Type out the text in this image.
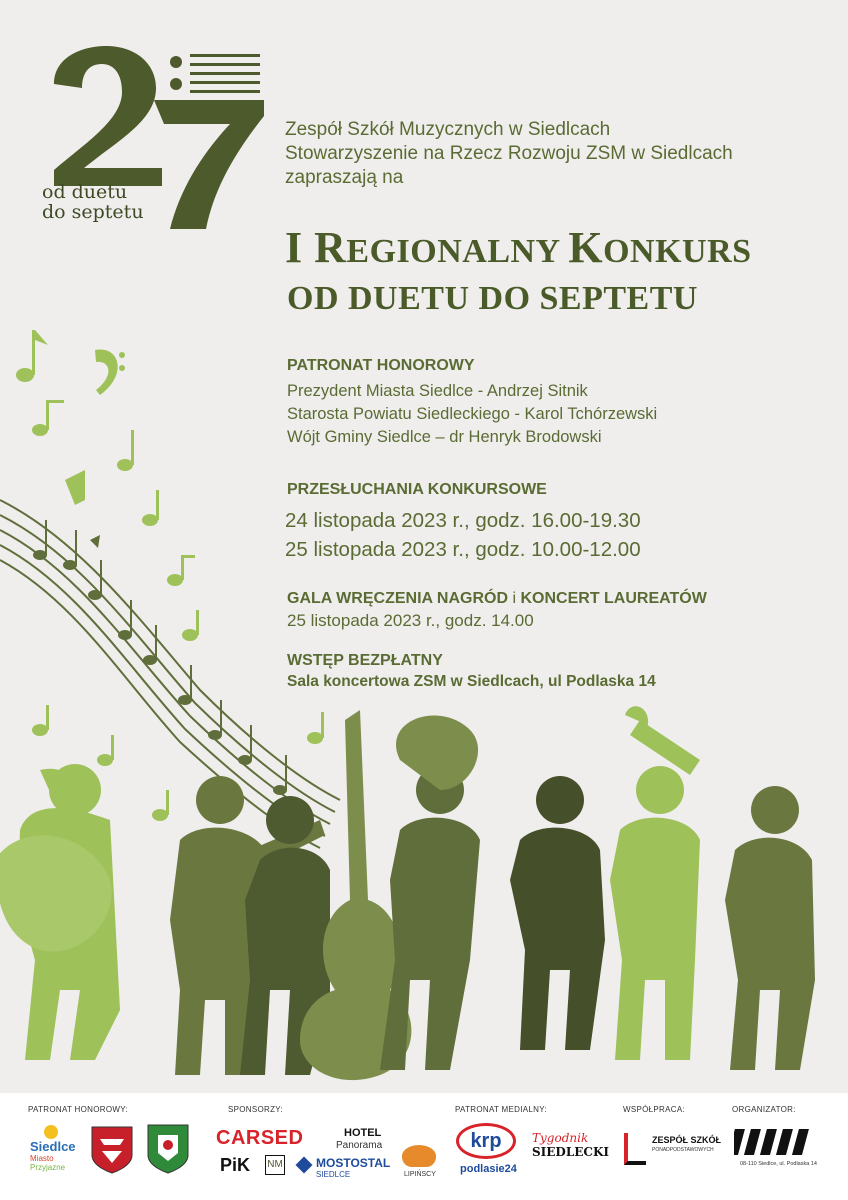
od duetu
do septetu
Zespół Szkół Muzycznych w Siedlcach
Stowarzyszenie na Rzecz Rozwoju ZSM w Siedlcach
zapraszają na
I REGIONALNY KONKURS
OD DUETU DO SEPTETU
PATRONAT HONOROWY
Prezydent Miasta Siedlce - Andrzej Sitnik
Starosta Powiatu Siedleckiego - Karol Tchórzewski
Wójt Gminy Siedlce – dr Henryk Brodowski
PRZESŁUCHANIA KONKURSOWE
24 listopada 2023 r., godz. 16.00-19.30
25 listopada 2023 r., godz. 10.00-12.00
GALA WRĘCZENIA NAGRÓD i KONCERT LAUREATÓW
25 listopada 2023 r., godz. 14.00
WSTĘP BEZPŁATNY
Sala koncertowa ZSM w Siedlcach, ul Podlaska 14
PATRONAT HONOROWY:	SPONSORZY:	PATRONAT MEDIALNY:	WSPÓŁPRACA:	ORGANIZATOR:
Siedlce
Miasto
Przyjazne
CARSED
PiK NM
HOTEL
Panorama
MOSTOSTAL
SIEDLCE	LIPIŃSCY
krp
podlasie24
Tygodnik
SIEDLECKI
ZESPÓŁ SZKÓŁ
PONADPODSTAWOWYCH
08-110 Siedlce, ul. Podlaska 14
